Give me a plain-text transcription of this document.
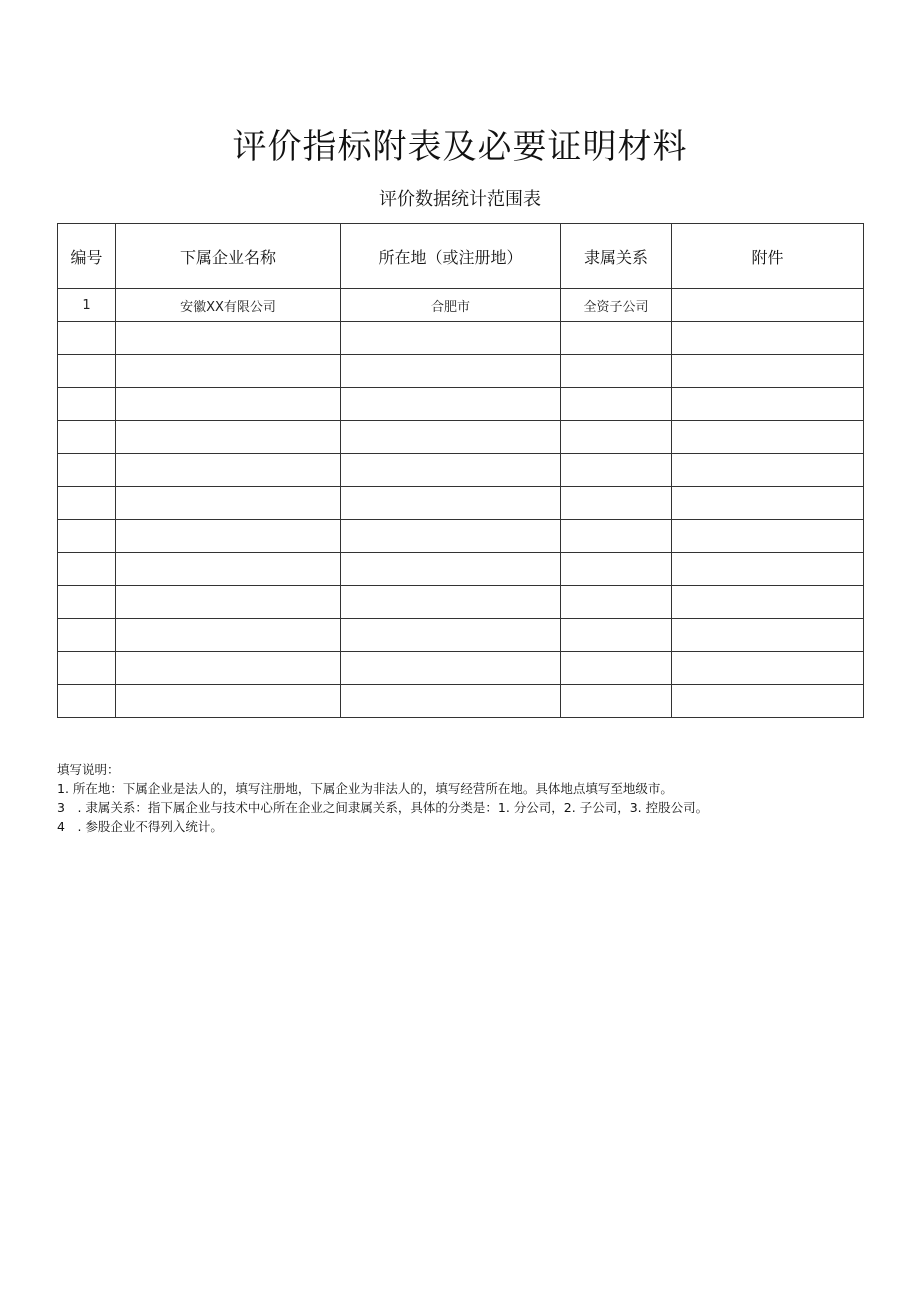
评价指标附表及必要证明材料
评价数据统计范围表
编号	下属企业名称	所在地（或注册地）	隶属关系	附件
1	安徽XX有限公司	合肥市	全资子公司	

填写说明：
1. 所在地：下属企业是法人的，填写注册地，下属企业为非法人的，填写经营所在地。具体地点填写至地级市。
3　. 隶属关系：指下属企业与技术中心所在企业之间隶属关系，具体的分类是：1. 分公司，2. 子公司，3. 控股公司。
4　. 参股企业不得列入统计。
